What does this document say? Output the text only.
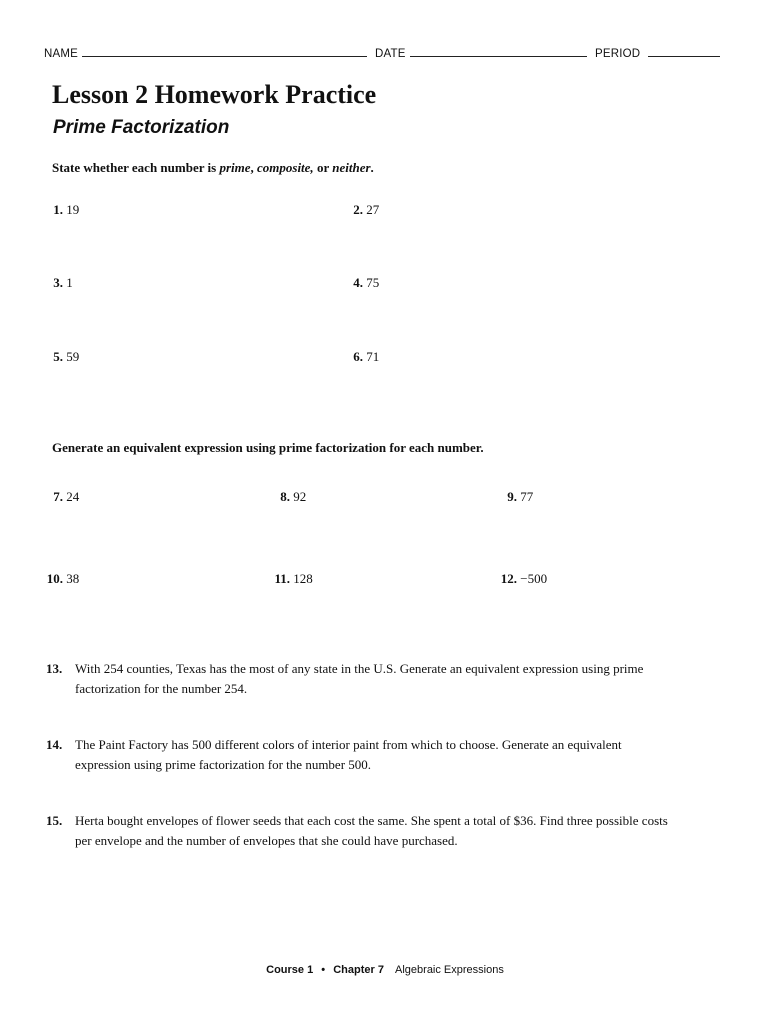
NAME	DATE	PERIOD
Lesson 2 Homework Practice
Prime Factorization
State whether each number is prime, composite, or neither.
1. 19	2. 27
3. 1	4. 75
5. 59	6. 71
Generate an equivalent expression using prime factorization for each number.
7. 24	8. 92	9. 77
10. 38	11. 128	12. −500
13. With 254 counties, Texas has the most of any state in the U.S. Generate an equivalent expression using prime factorization for the number 254.
14. The Paint Factory has 500 different colors of interior paint from which to choose. Generate an equivalent expression using prime factorization for the number 500.
15. Herta bought envelopes of flower seeds that each cost the same. She spent a total of $36. Find three possible costs per envelope and the number of envelopes that she could have purchased.
Course 1 • Chapter 7 Algebraic Expressions
